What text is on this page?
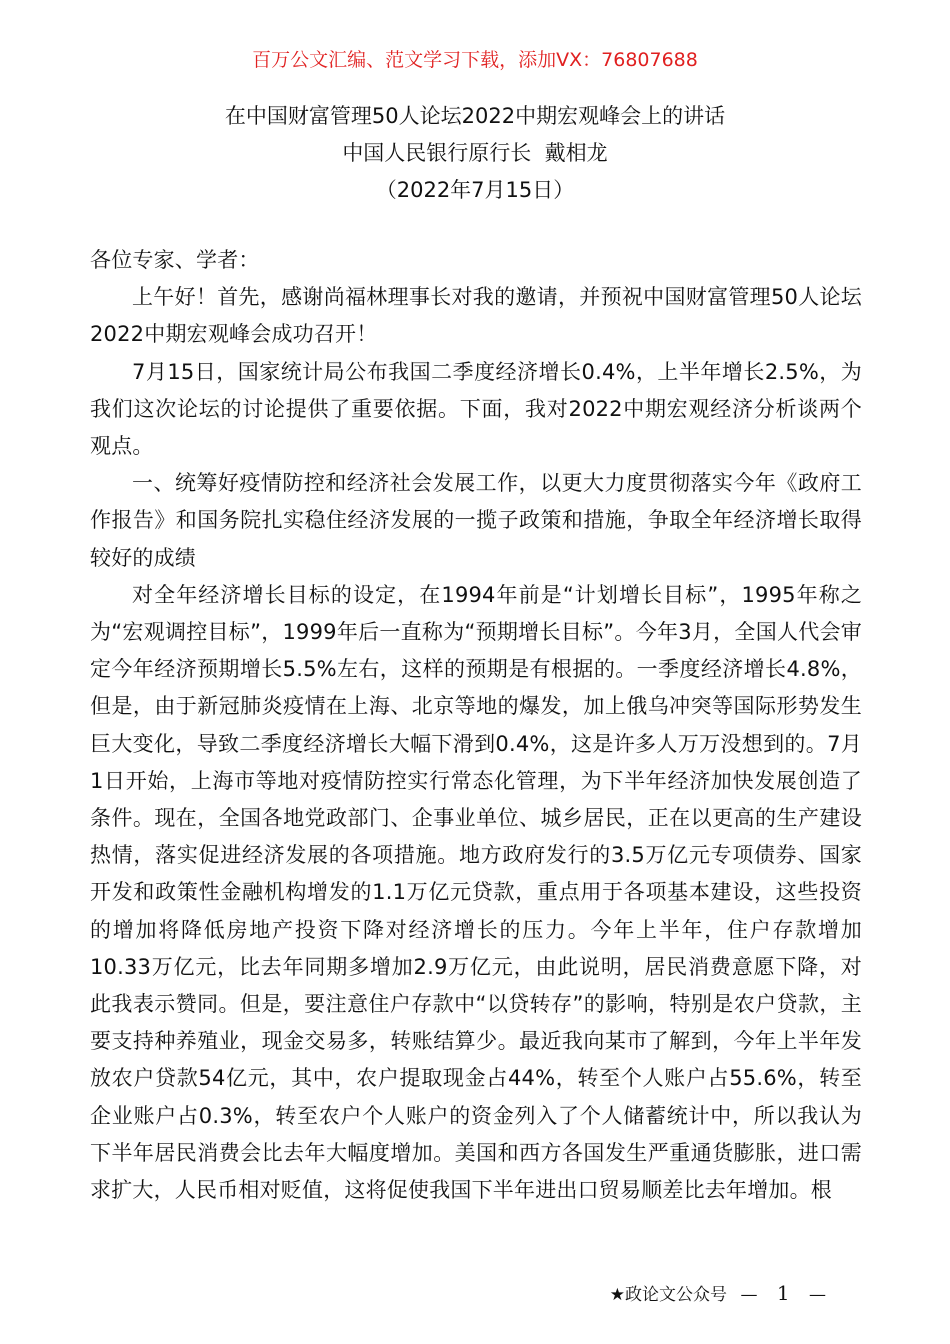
百万公文汇编、范文学习下载，添加VX：76807688
在中国财富管理50人论坛2022中期宏观峰会上的讲话
中国人民银行原行长  戴相龙
（2022年7月15日）

各位专家、学者：

上午好！首先，感谢尚福林理事长对我的邀请，并预祝中国财富管理50人论坛2022中期宏观峰会成功召开！

7月15日，国家统计局公布我国二季度经济增长0.4%，上半年增长2.5%，为我们这次论坛的讨论提供了重要依据。下面，我对2022中期宏观经济分析谈两个观点。

一、统筹好疫情防控和经济社会发展工作，以更大力度贯彻落实今年《政府工作报告》和国务院扎实稳住经济发展的一揽子政策和措施，争取全年经济增长取得较好的成绩

对全年经济增长目标的设定，在1994年前是“计划增长目标”，1995年称之为“宏观调控目标”，1999年后一直称为“预期增长目标”。今年3月，全国人代会审定今年经济预期增长5.5%左右，这样的预期是有根据的。一季度经济增长4.8%，但是，由于新冠肺炎疫情在上海、北京等地的爆发，加上俄乌冲突等国际形势发生巨大变化，导致二季度经济增长大幅下滑到0.4%，这是许多人万万没想到的。7月1日开始，上海市等地对疫情防控实行常态化管理，为下半年经济加快发展创造了条件。现在，全国各地党政部门、企事业单位、城乡居民，正在以更高的生产建设热情，落实促进经济发展的各项措施。地方政府发行的3.5万亿元专项债券、国家开发和政策性金融机构增发的1.1万亿元贷款，重点用于各项基本建设，这些投资的增加将降低房地产投资下降对经济增长的压力。今年上半年，住户存款增加10.33万亿元，比去年同期多增加2.9万亿元，由此说明，居民消费意愿下降，对此我表示赞同。但是，要注意住户存款中“以贷转存”的影响，特别是农户贷款，主要支持种养殖业，现金交易多，转账结算少。最近我向某市了解到，今年上半年发放农户贷款54亿元，其中，农户提取现金占44%，转至个人账户占55.6%，转至企业账户占0.3%，转至农户个人账户的资金列入了个人储蓄统计中，所以我认为下半年居民消费会比去年大幅度增加。美国和西方各国发生严重通货膨胀，进口需求扩大，人民币相对贬值，这将促使我国下半年进出口贸易顺差比去年增加。根

★政论文公众号 — 1 —
